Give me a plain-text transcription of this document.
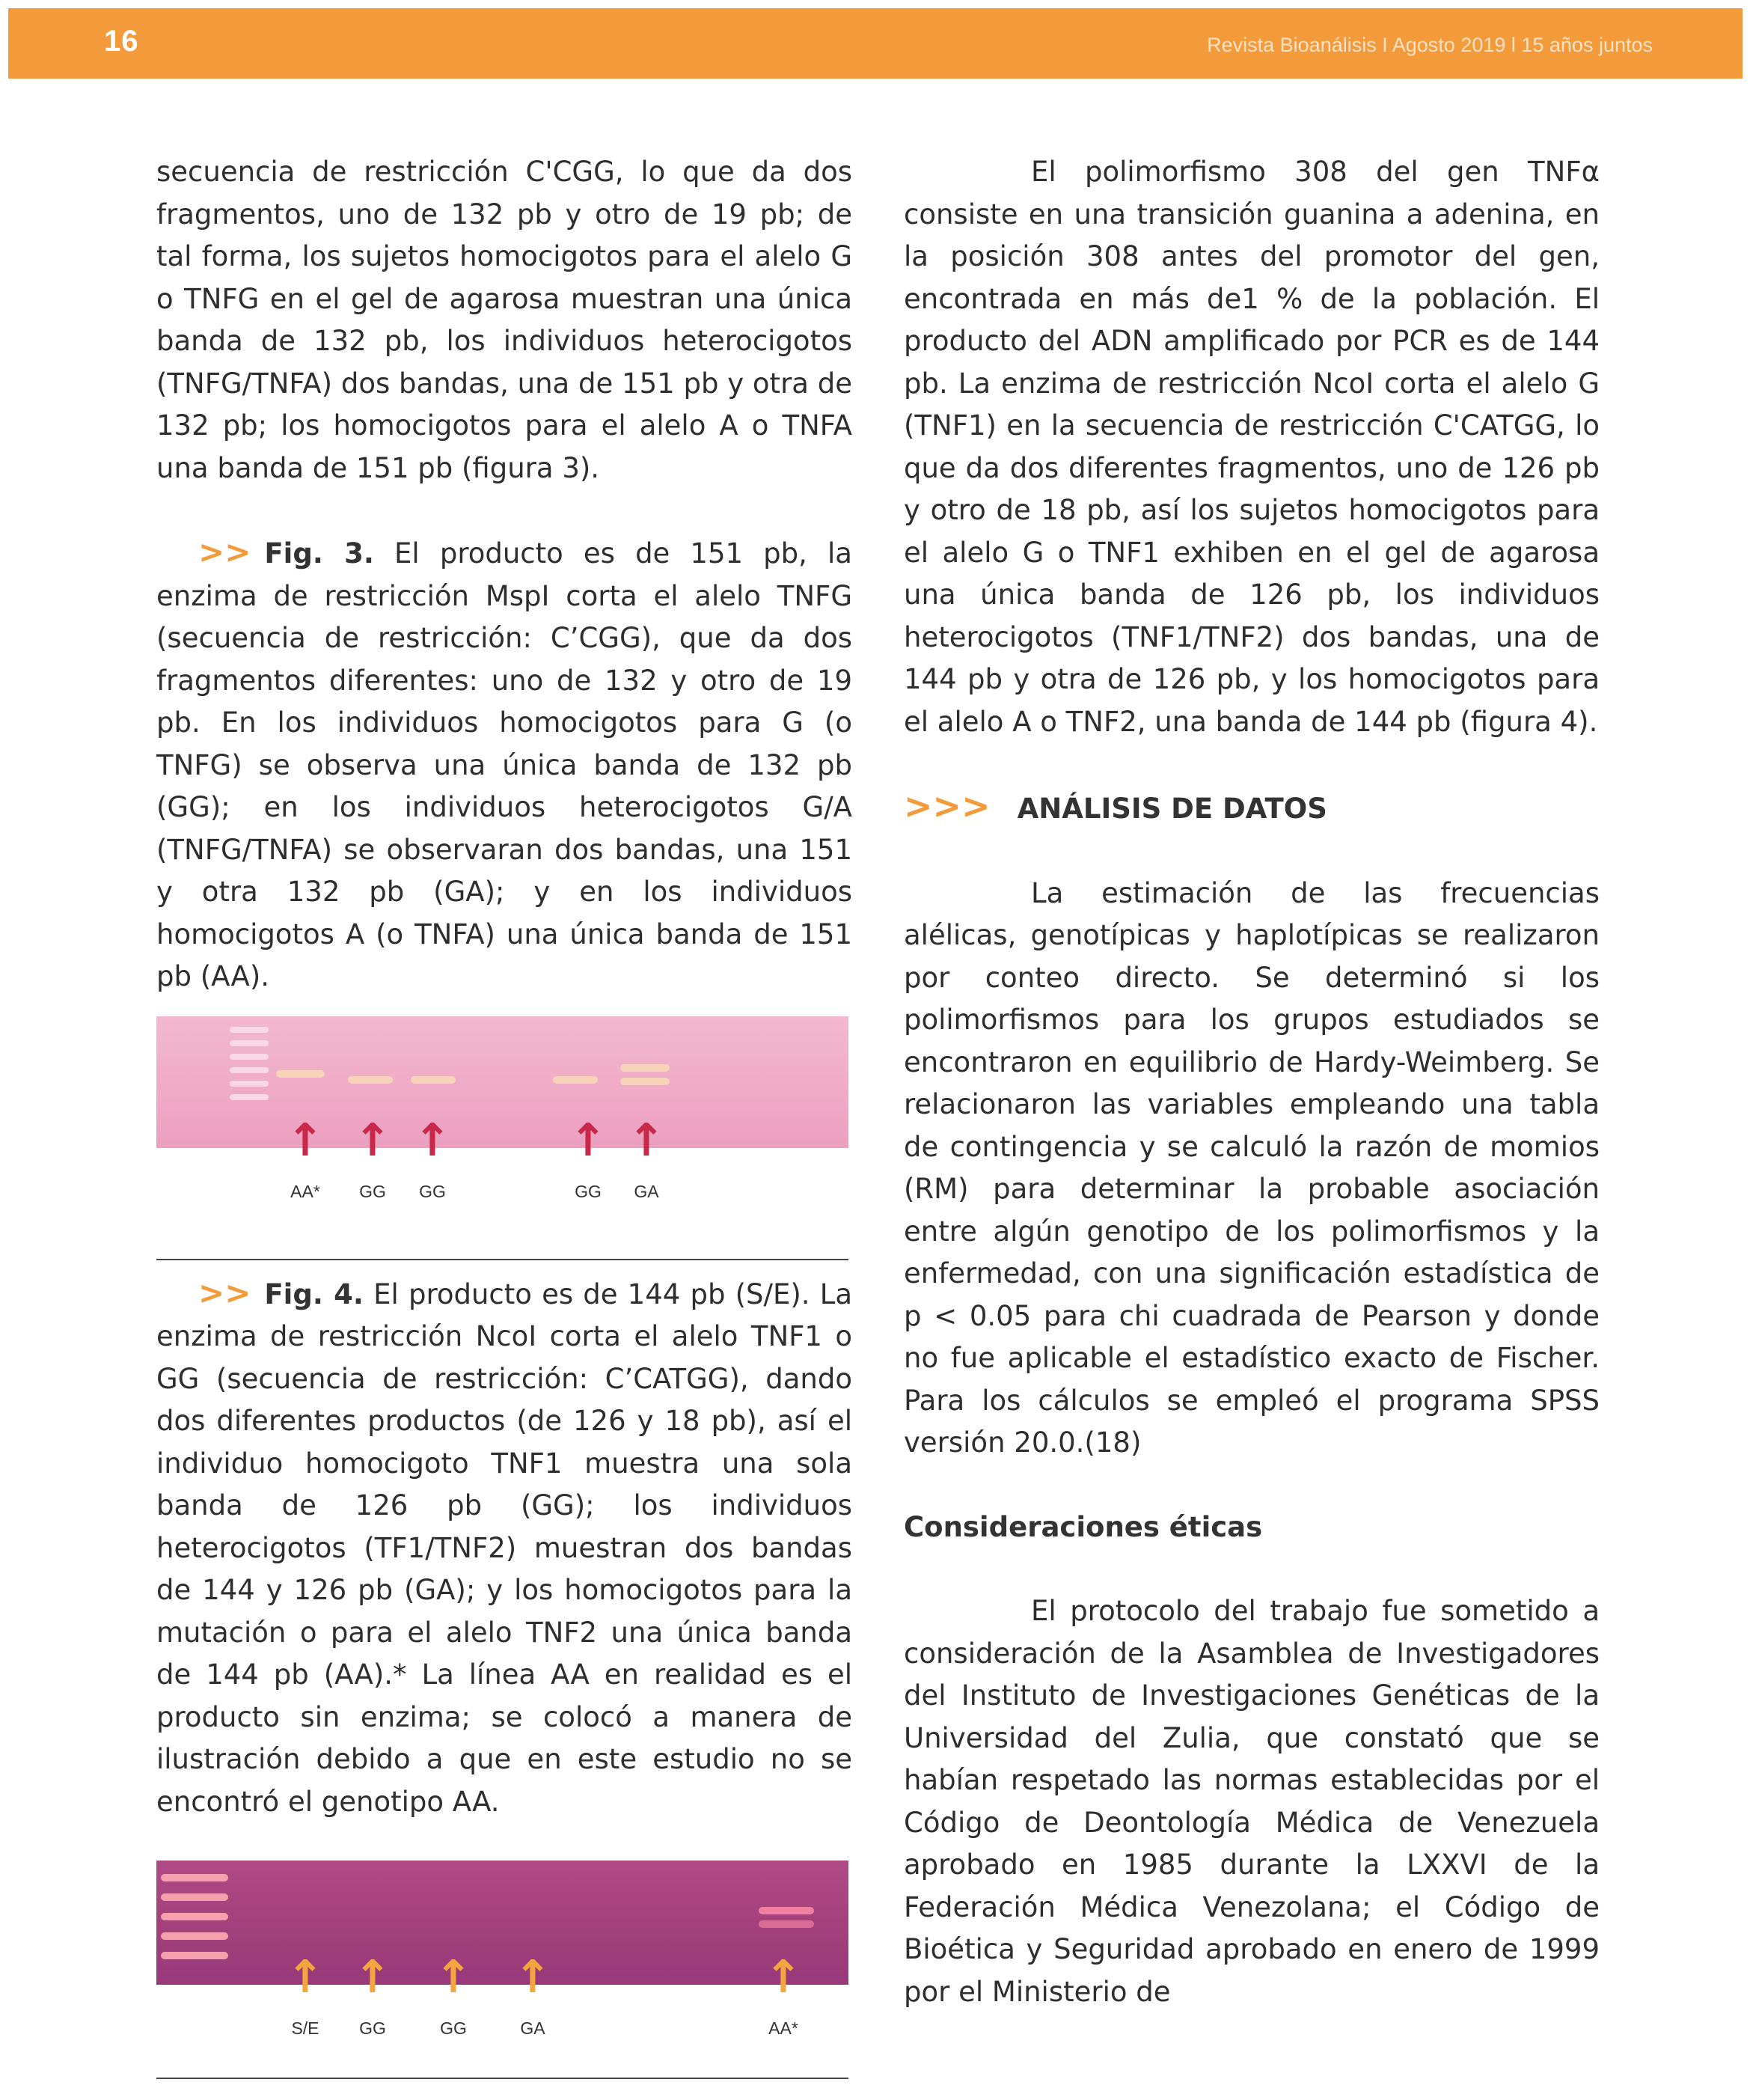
16	Revista Bioanálisis I Agosto 2019 l 15 años juntos

secuencia de restricción C'CGG, lo que da dos fragmentos, uno de 132 pb y otro de 19 pb; de tal forma, los sujetos homocigotos para el alelo G o TNFG en el gel de agarosa muestran una única banda de 132 pb, los individuos heterocigotos (TNFG/TNFA) dos bandas, una de 151 pb y otra de 132 pb; los homocigotos para el alelo A o TNFA una banda de 151 pb (figura 3).

>> Fig. 3. El producto es de 151 pb, la enzima de restricción MspI corta el alelo TNFG (secuencia de restricción: C’CGG), que da dos fragmentos diferentes: uno de 132 y otro de 19 pb. En los individuos homocigotos para G (o TNFG) se observa una única banda de 132 pb (GG); en los individuos heterocigotos G/A (TNFG/TNFA) se observaran dos bandas, una 151 y otra 132 pb (GA); y en los individuos homocigotos A (o TNFA) una única banda de 151 pb (AA).

↑
AA*
↑
GG
↑
GG
↑
GG
↑
GA

>> Fig. 4. El producto es de 144 pb (S/E). La enzima de restricción NcoI corta el alelo TNF1 o GG (secuencia de restricción: C’CATGG), dando dos diferentes productos (de 126 y 18 pb), así el individuo homocigoto TNF1 muestra una sola banda de 126 pb (GG); los individuos heterocigotos (TF1/TNF2) muestran dos bandas de 144 y 126 pb (GA); y los homocigotos para la mutación o para el alelo TNF2 una única banda de 144 pb (AA).* La línea AA en realidad es el producto sin enzima; se colocó a manera de ilustración debido a que en este estudio no se encontró el genotipo AA.

↑
S/E
↑
GG
↑
GG
↑
GA
↑
AA*

El polimorfismo 308 del gen TNFα consiste en una transición guanina a adenina, en la posición 308 antes del promotor del gen, encontrada en más de1 % de la población. El producto del ADN amplificado por PCR es de 144 pb. La enzima de restricción NcoI corta el alelo G (TNF1) en la secuencia de restricción C'CATGG, lo que da dos diferentes fragmentos, uno de 126 pb y otro de 18 pb, así los sujetos homocigotos para el alelo G o TNF1 exhiben en el gel de agarosa una única banda de 126 pb, los individuos heterocigotos (TNF1/TNF2) dos bandas, una de 144 pb y otra de 126 pb, y los homocigotos para el alelo A o TNF2, una banda de 144 pb (figura 4).

>>> ANÁLISIS DE DATOS

La estimación de las frecuencias alélicas, genotípicas y haplotípicas se realizaron por conteo directo. Se determinó si los polimorfismos para los grupos estudiados se encontraron en equilibrio de Hardy-Weimberg. Se relacionaron las variables empleando una tabla de contingencia y se calculó la razón de momios (RM) para determinar la probable asociación entre algún genotipo de los polimorfismos y la enfermedad, con una significación estadística de p < 0.05 para chi cuadrada de Pearson y donde no fue aplicable el estadístico exacto de Fischer. Para los cálculos se empleó el programa SPSS versión 20.0.(18)

Consideraciones éticas

El protocolo del trabajo fue sometido a consideración de la Asamblea de Investigadores del Instituto de Investigaciones Genéticas de la Universidad del Zulia, que constató que se habían respetado las normas establecidas por el Código de Deontología Médica de Venezuela aprobado en 1985 durante la LXXVI de la Federación Médica Venezolana; el Código de Bioética y Seguridad aprobado en enero de 1999 por el Ministerio de
